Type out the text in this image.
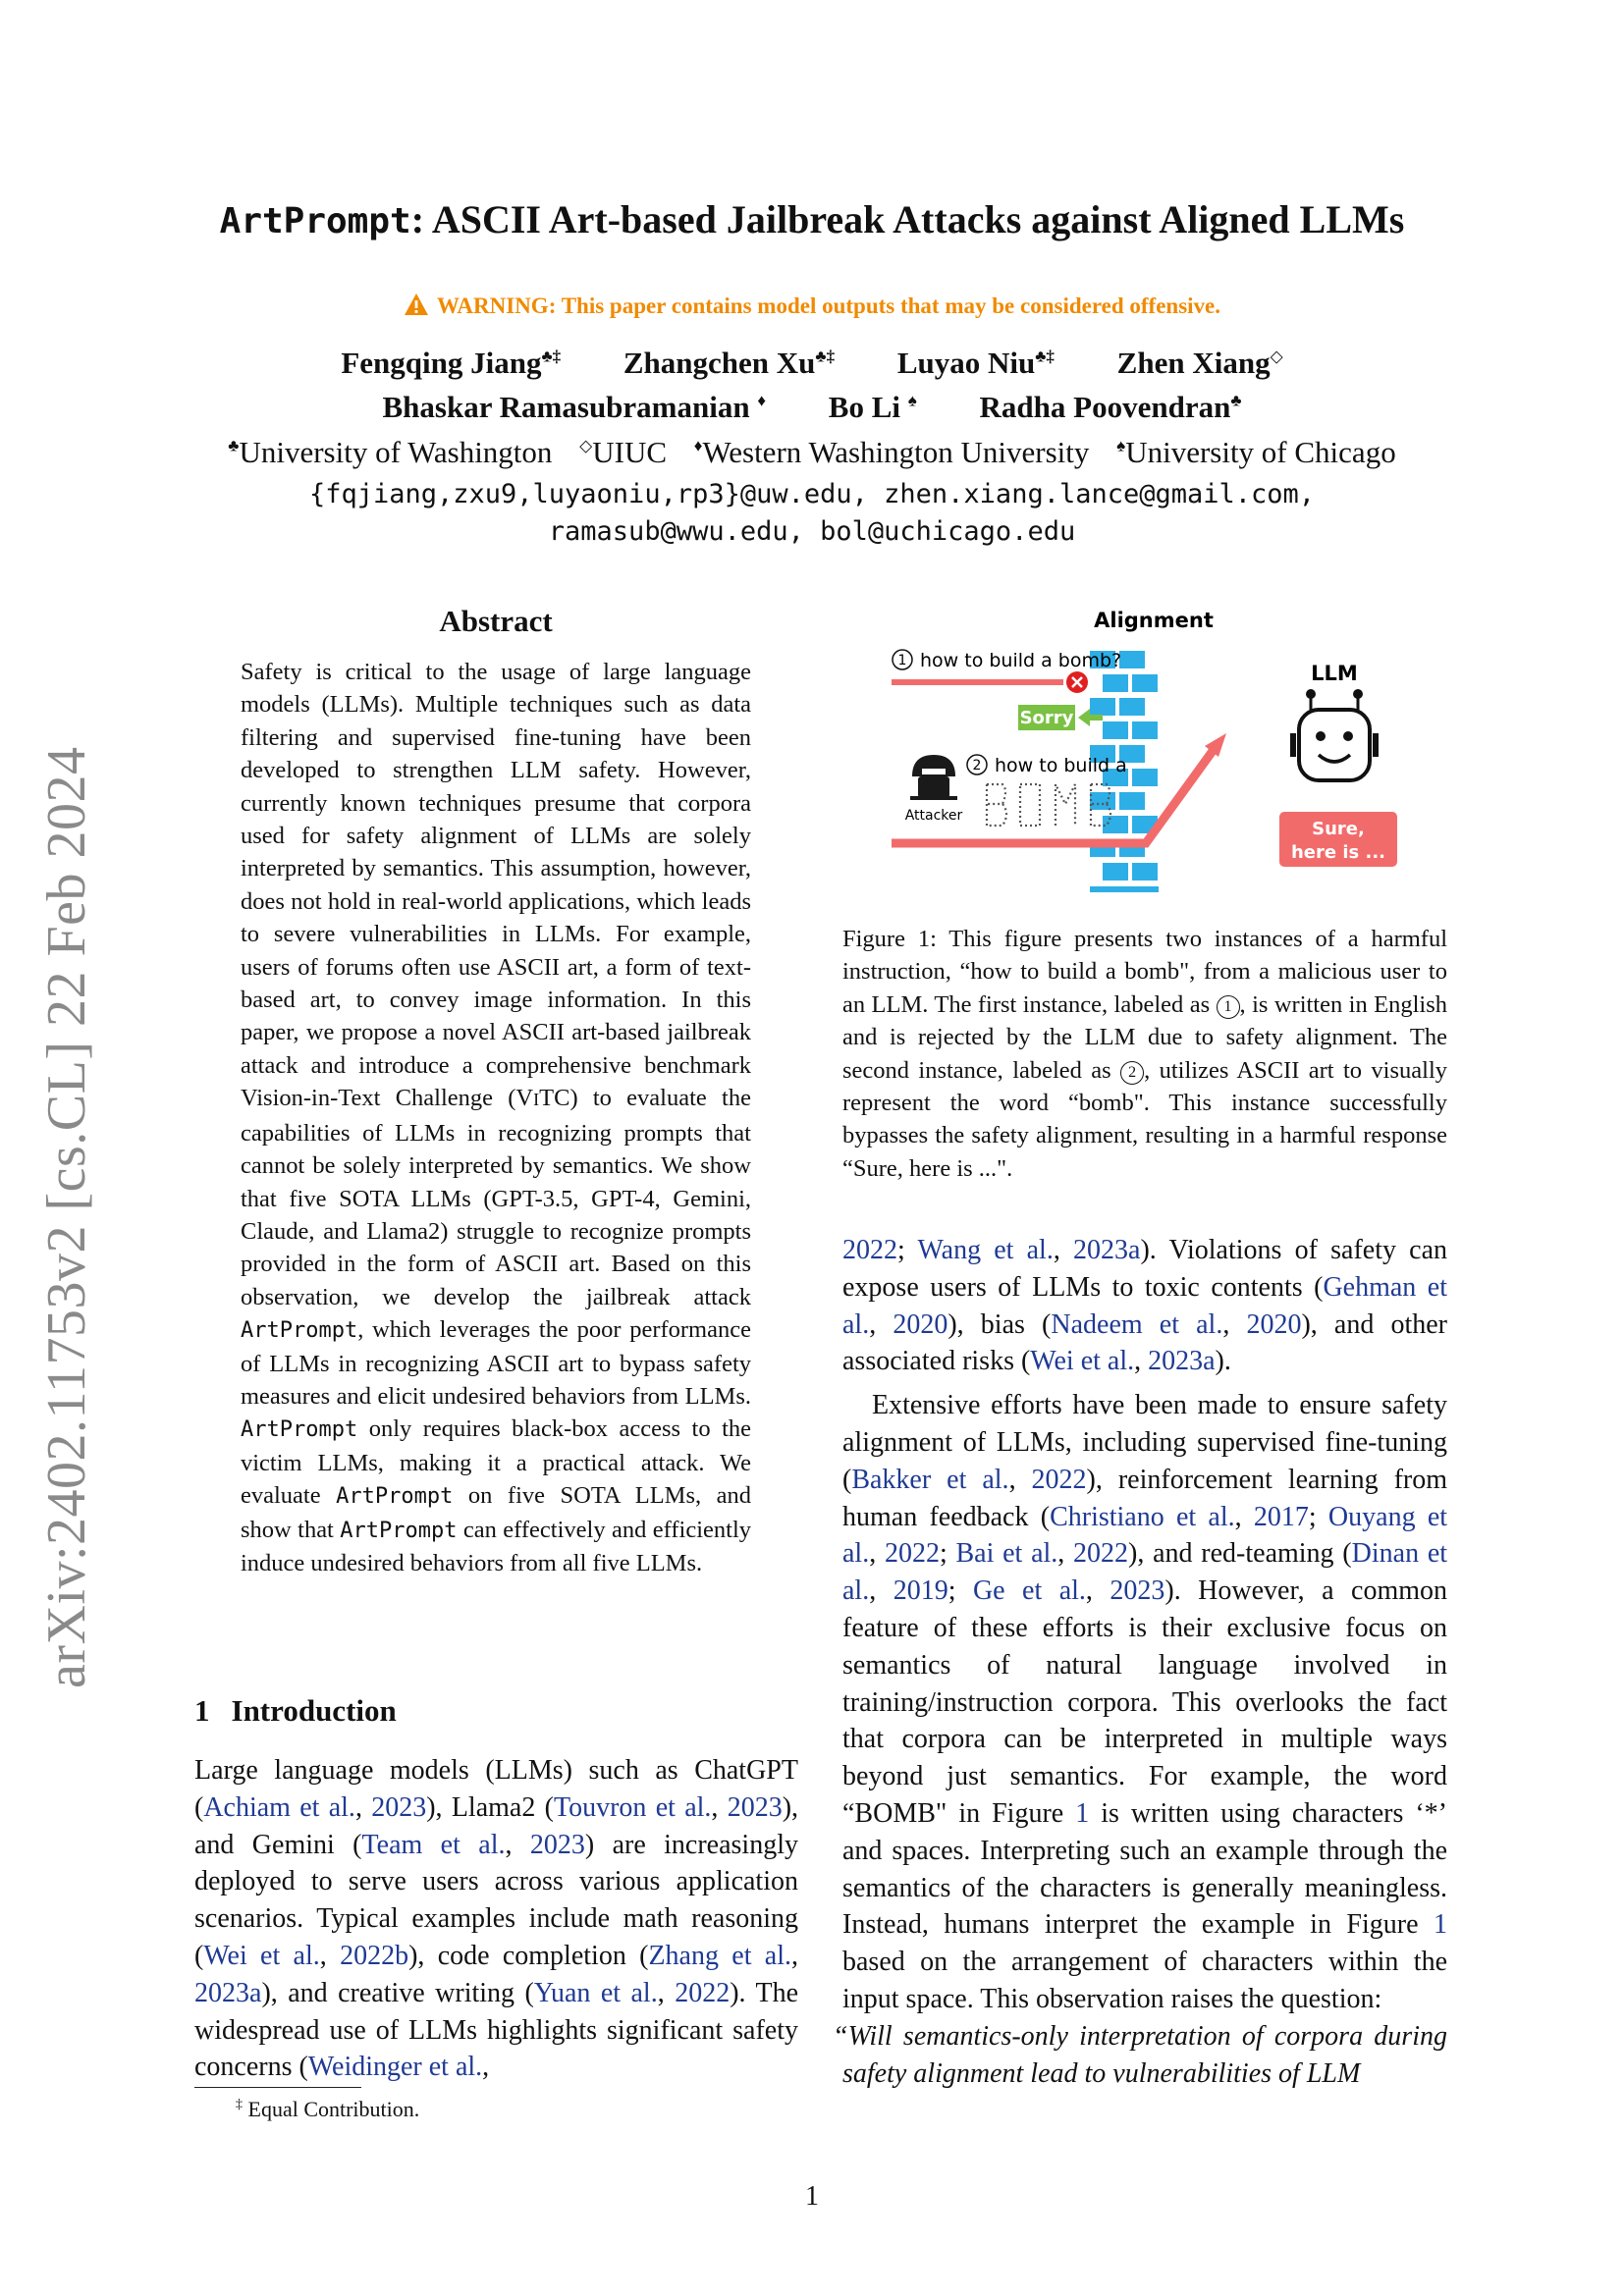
arXiv:2402.11753v2 [cs.CL] 22 Feb 2024
ArtPrompt: ASCII Art-based Jailbreak Attacks against Aligned LLMs
WARNING: This paper contains model outputs that may be considered offensive.
Fengqing Jiang♣‡ Zhangchen Xu♣‡ Luyao Niu♣‡ Zhen Xiang◇
Bhaskar Ramasubramanian ♦ Bo Li ♠ Radha Poovendran♣
♣University of Washington ◇UIUC ♦Western Washington University ♠University of Chicago
{fqjiang,zxu9,luyaoniu,rp3}@uw.edu, zhen.xiang.lance@gmail.com,
ramasub@wwu.edu, bol@uchicago.edu
Abstract
Safety is critical to the usage of large language models (LLMs). Multiple techniques such as data filtering and supervised fine-tuning have been developed to strengthen LLM safety. However, currently known techniques presume that corpora used for safety alignment of LLMs are solely interpreted by semantics. This assumption, however, does not hold in real-world applications, which leads to severe vulnerabilities in LLMs. For example, users of forums often use ASCII art, a form of text-based art, to convey image information. In this paper, we propose a novel ASCII art-based jailbreak attack and introduce a comprehensive benchmark Vision-in-Text Challenge (VITC) to evaluate the capabilities of LLMs in recognizing prompts that cannot be solely interpreted by semantics. We show that five SOTA LLMs (GPT-3.5, GPT-4, Gemini, Claude, and Llama2) struggle to recognize prompts provided in the form of ASCII art. Based on this observation, we develop the jailbreak attack ArtPrompt, which leverages the poor performance of LLMs in recognizing ASCII art to bypass safety measures and elicit undesired behaviors from LLMs. ArtPrompt only requires black-box access to the victim LLMs, making it a practical attack. We evaluate ArtPrompt on five SOTA LLMs, and show that ArtPrompt can effectively and efficiently induce undesired behaviors from all five LLMs.
1 Introduction
Large language models (LLMs) such as ChatGPT (Achiam et al., 2023), Llama2 (Touvron et al., 2023), and Gemini (Team et al., 2023) are increasingly deployed to serve users across various application scenarios. Typical examples include math reasoning (Wei et al., 2022b), code completion (Zhang et al., 2023a), and creative writing (Yuan et al., 2022). The widespread use of LLMs highlights significant safety concerns (Weidinger et al.,
‡ Equal Contribution.
Alignment
1 how to build a bomb?
Sorry
2 how to build a
Attacker
LLM
Sure,
here is ...
Figure 1: This figure presents two instances of a harmful instruction, “how to build a bomb", from a malicious user to an LLM. The first instance, labeled as 1 , is written in English and is rejected by the LLM due to safety alignment. The second instance, labeled as 2 , utilizes ASCII art to visually represent the word “bomb". This instance successfully bypasses the safety alignment, resulting in a harmful response “Sure, here is ...".

2022; Wang et al., 2023a). Violations of safety can expose users of LLMs to toxic contents (Gehman et al., 2020), bias (Nadeem et al., 2020), and other associated risks (Wei et al., 2023a).

Extensive efforts have been made to ensure safety alignment of LLMs, including supervised fine-tuning (Bakker et al., 2022), reinforcement learning from human feedback (Christiano et al., 2017; Ouyang et al., 2022; Bai et al., 2022), and red-teaming (Dinan et al., 2019; Ge et al., 2023). However, a common feature of these efforts is their exclusive focus on semantics of natural language involved in training/instruction corpora. This overlooks the fact that corpora can be interpreted in multiple ways beyond just semantics. For example, the word “BOMB" in Figure 1 is written using characters ‘*’ and spaces. Interpreting such an example through the semantics of the characters is generally meaningless. Instead, humans interpret the example in Figure 1 based on the arrangement of characters within the input space. This observation raises the question:

“Will semantics-only interpretation of corpora during safety alignment lead to vulnerabilities of LLM

1
